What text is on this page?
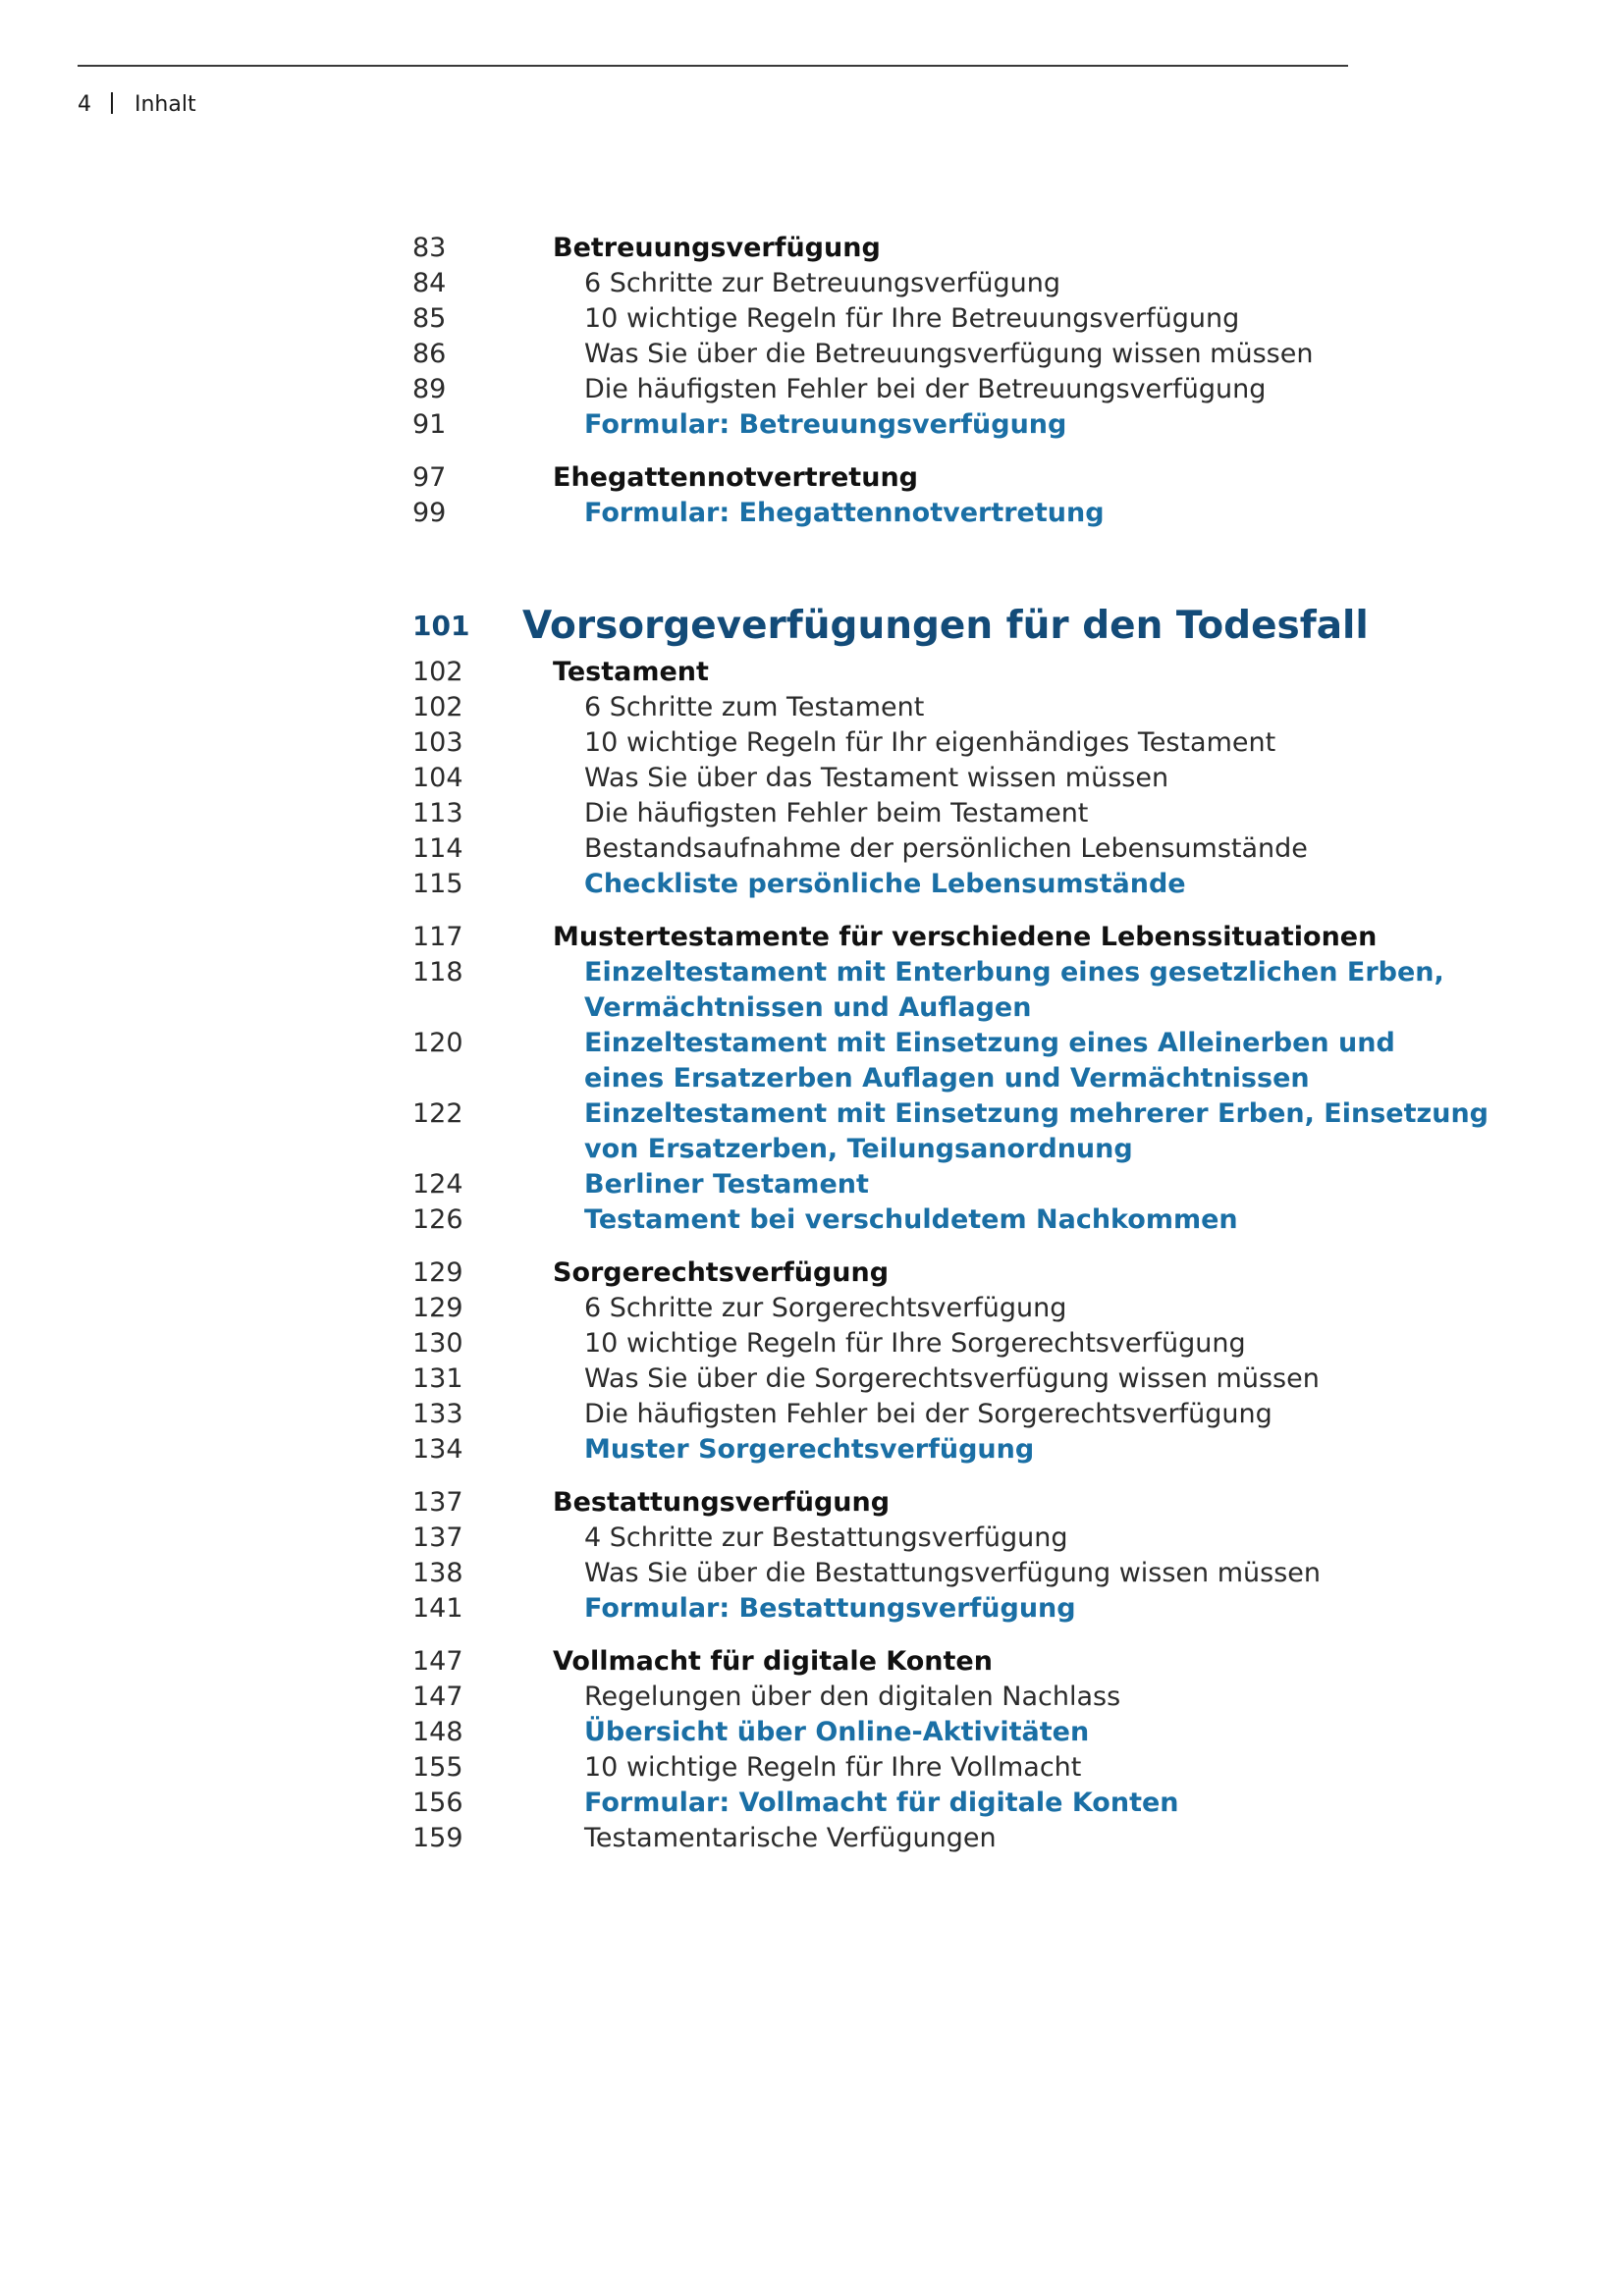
4 Inhalt
83	Betreuungsverfügung
84	6 Schritte zur Betreuungsverfügung
85	10 wichtige Regeln für Ihre Betreuungsverfügung
86	Was Sie über die Betreuungsverfügung wissen müssen
89	Die häufigsten Fehler bei der Betreuungsverfügung
91	Formular: Betreuungsverfügung
97	Ehegattennotvertretung
99	Formular: Ehegattennotvertretung
101	Vorsorgeverfügungen für den Todesfall
102	Testament
102	6 Schritte zum Testament
103	10 wichtige Regeln für Ihr eigenhändiges Testament
104	Was Sie über das Testament wissen müssen
113	Die häufigsten Fehler beim Testament
114	Bestandsaufnahme der persönlichen Lebensumstände
115	Checkliste persönliche Lebensumstände
117	Mustertestamente für verschiedene Lebenssituationen
118	Einzeltestament mit Enterbung eines gesetzlichen Erben,
Vermächtnissen und Auflagen
120	Einzeltestament mit Einsetzung eines Alleinerben und
eines Ersatzerben Auflagen und Vermächtnissen
122	Einzeltestament mit Einsetzung mehrerer Erben, Einsetzung
von Ersatzerben, Teilungsanordnung
124	Berliner Testament
126	Testament bei verschuldetem Nachkommen
129	Sorgerechtsverfügung
129	6 Schritte zur Sorgerechtsverfügung
130	10 wichtige Regeln für Ihre Sorgerechtsverfügung
131	Was Sie über die Sorgerechtsverfügung wissen müssen
133	Die häufigsten Fehler bei der Sorgerechtsverfügung
134	Muster Sorgerechtsverfügung
137	Bestattungsverfügung
137	4 Schritte zur Bestattungsverfügung
138	Was Sie über die Bestattungsverfügung wissen müssen
141	Formular: Bestattungsverfügung
147	Vollmacht für digitale Konten
147	Regelungen über den digitalen Nachlass
148	Übersicht über Online-Aktivitäten
155	10 wichtige Regeln für Ihre Vollmacht
156	Formular: Vollmacht für digitale Konten
159	Testamentarische Verfügungen
